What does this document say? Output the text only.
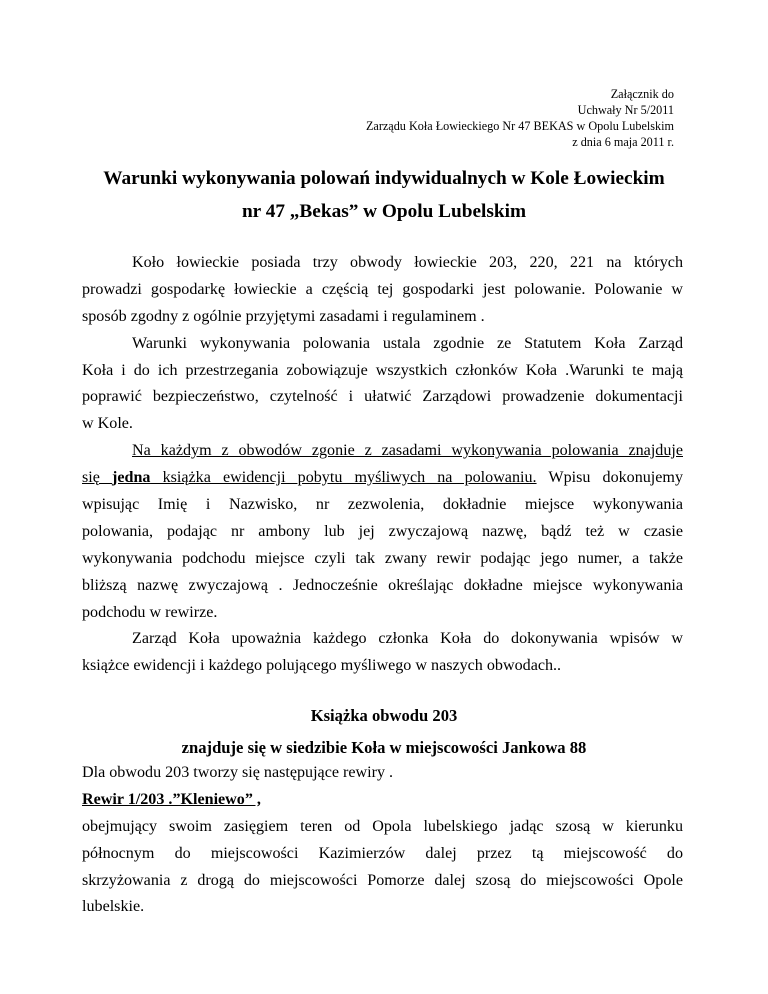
Załącznik do
Uchwały Nr 5/2011
Zarządu Koła Łowieckiego Nr 47 BEKAS w Opolu Lubelskim
z dnia 6 maja 2011 r.
Warunki wykonywania polowań indywidualnych w Kole Łowieckim
nr 47 „Bekas” w Opolu Lubelskim
Koło łowieckie posiada trzy obwody łowieckie 203, 220, 221 na których
prowadzi gospodarkę łowieckie a częścią tej gospodarki jest polowanie. Polowanie w
sposób zgodny z ogólnie przyjętymi zasadami i regulaminem .
Warunki wykonywania polowania ustala zgodnie ze Statutem Koła Zarząd
Koła i do ich przestrzegania zobowiązuje wszystkich członków Koła .Warunki te mają
poprawić bezpieczeństwo, czytelność i ułatwić Zarządowi prowadzenie dokumentacji
w Kole.
Na każdym z obwodów zgonie z zasadami wykonywania polowania znajduje
się jedna książka ewidencji pobytu myśliwych na polowaniu. Wpisu dokonujemy
wpisując Imię i Nazwisko, nr zezwolenia, dokładnie miejsce wykonywania
polowania, podając nr ambony lub jej zwyczajową nazwę, bądź też w czasie
wykonywania podchodu miejsce czyli tak zwany rewir podając jego numer, a także
bliższą nazwę zwyczajową . Jednocześnie określając dokładne miejsce wykonywania
podchodu w rewirze.
Zarząd Koła upoważnia każdego członka Koła do dokonywania wpisów w
książce ewidencji i każdego polującego myśliwego w naszych obwodach..
Książka obwodu 203
znajduje się w siedzibie Koła w miejscowości Jankowa 88
Dla obwodu 203 tworzy się następujące rewiry .
Rewir 1/203 .”Kleniewo” ,
obejmujący swoim zasięgiem teren od Opola lubelskiego jadąc szosą w kierunku
północnym do miejscowości Kazimierzów dalej przez tą miejscowość do
skrzyżowania z drogą do miejscowości Pomorze dalej szosą do miejscowości Opole
lubelskie.
